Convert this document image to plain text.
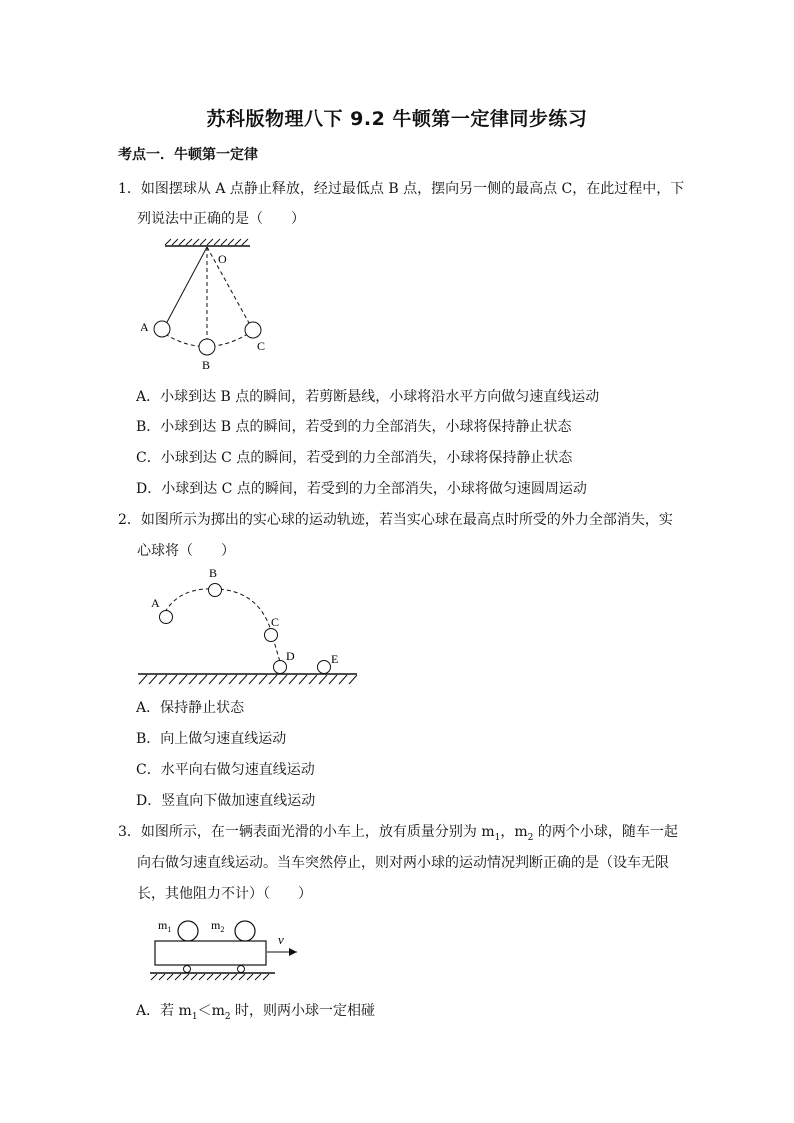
苏科版物理八下 9.2 牛顿第一定律同步练习
考点一．牛顿第一定律
1．如图摆球从 A 点静止释放，经过最低点 B 点，摆向另一侧的最高点 C，在此过程中，下
列说法中正确的是（　　）
O
A
B
C
A．小球到达 B 点的瞬间，若剪断悬线，小球将沿水平方向做匀速直线运动
B．小球到达 B 点的瞬间，若受到的力全部消失，小球将保持静止状态
C．小球到达 C 点的瞬间，若受到的力全部消失，小球将保持静止状态
D．小球到达 C 点的瞬间，若受到的力全部消失，小球将做匀速圆周运动
2．如图所示为掷出的实心球的运动轨迹，若当实心球在最高点时所受的外力全部消失，实
心球将（　　）
A
B
C
D	E
A．保持静止状态
B．向上做匀速直线运动
C．水平向右做匀速直线运动
D．竖直向下做加速直线运动
3．如图所示，在一辆表面光滑的小车上，放有质量分别为 $m_1$，$m_2$ 的两个小球，随车一起
向右做匀速直线运动。当车突然停止，则对两小球的运动情况判断正确的是（设车无限
长，其他阻力不计）（　　）
$m_1$	$m_2$
v
A．若 $m_1<m_2$ 时，则两小球一定相碰
